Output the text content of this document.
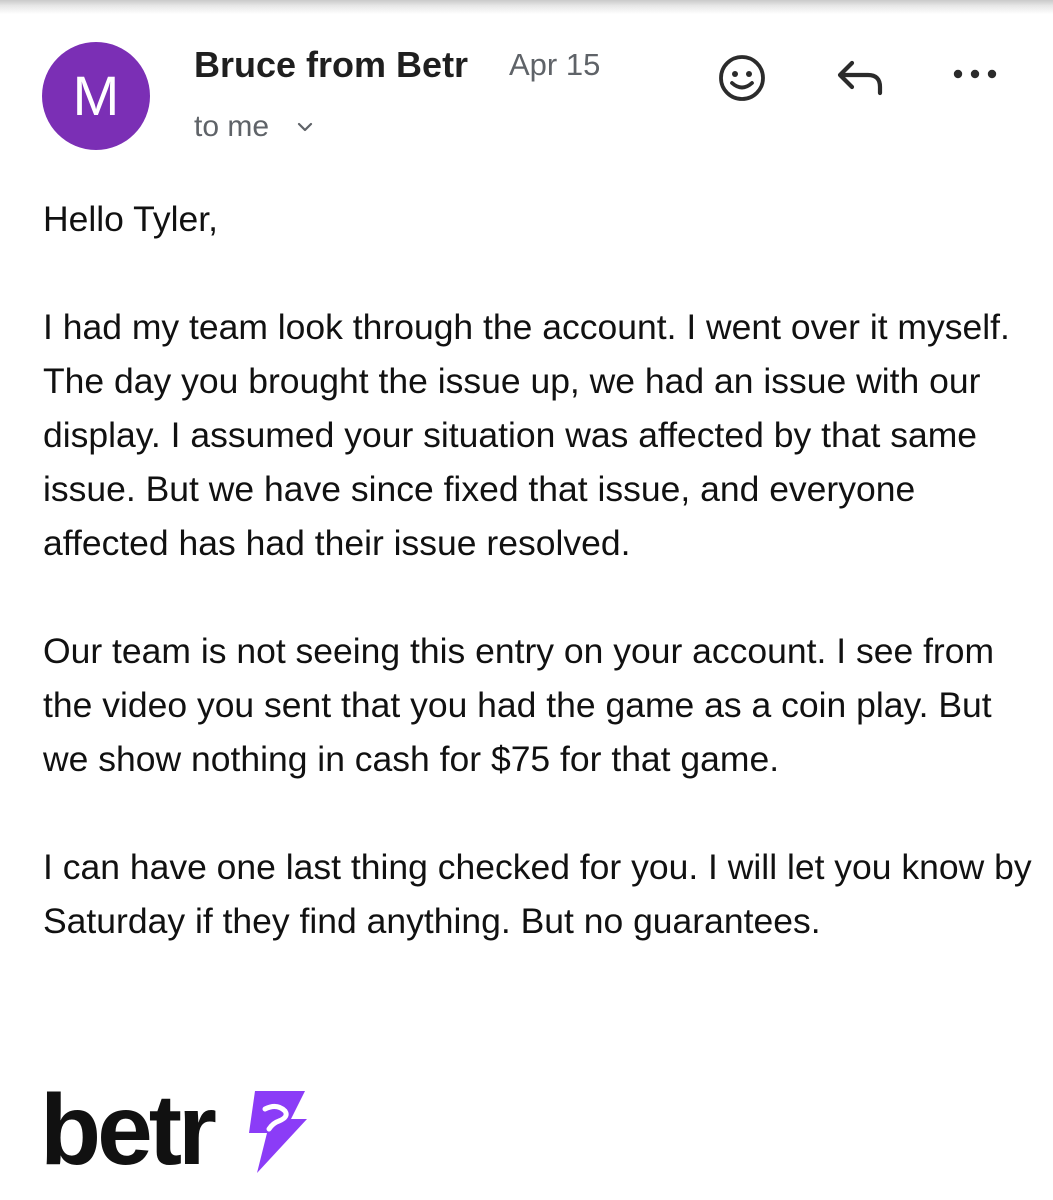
M	Bruce from Betr Apr 15
to me

Hello Tyler,

I had my team look through the account. I went over it myself. The day you brought the issue up, we had an issue with our display. I assumed your situation was affected by that same issue. But we have since fixed that issue, and everyone affected has had their issue resolved.

Our team is not seeing this entry on your account. I see from the video you sent that you had the game as a coin play. But we show nothing in cash for $75 for that game.

I can have one last thing checked for you. I will let you know by Saturday if they find anything. But no guarantees.

betr
